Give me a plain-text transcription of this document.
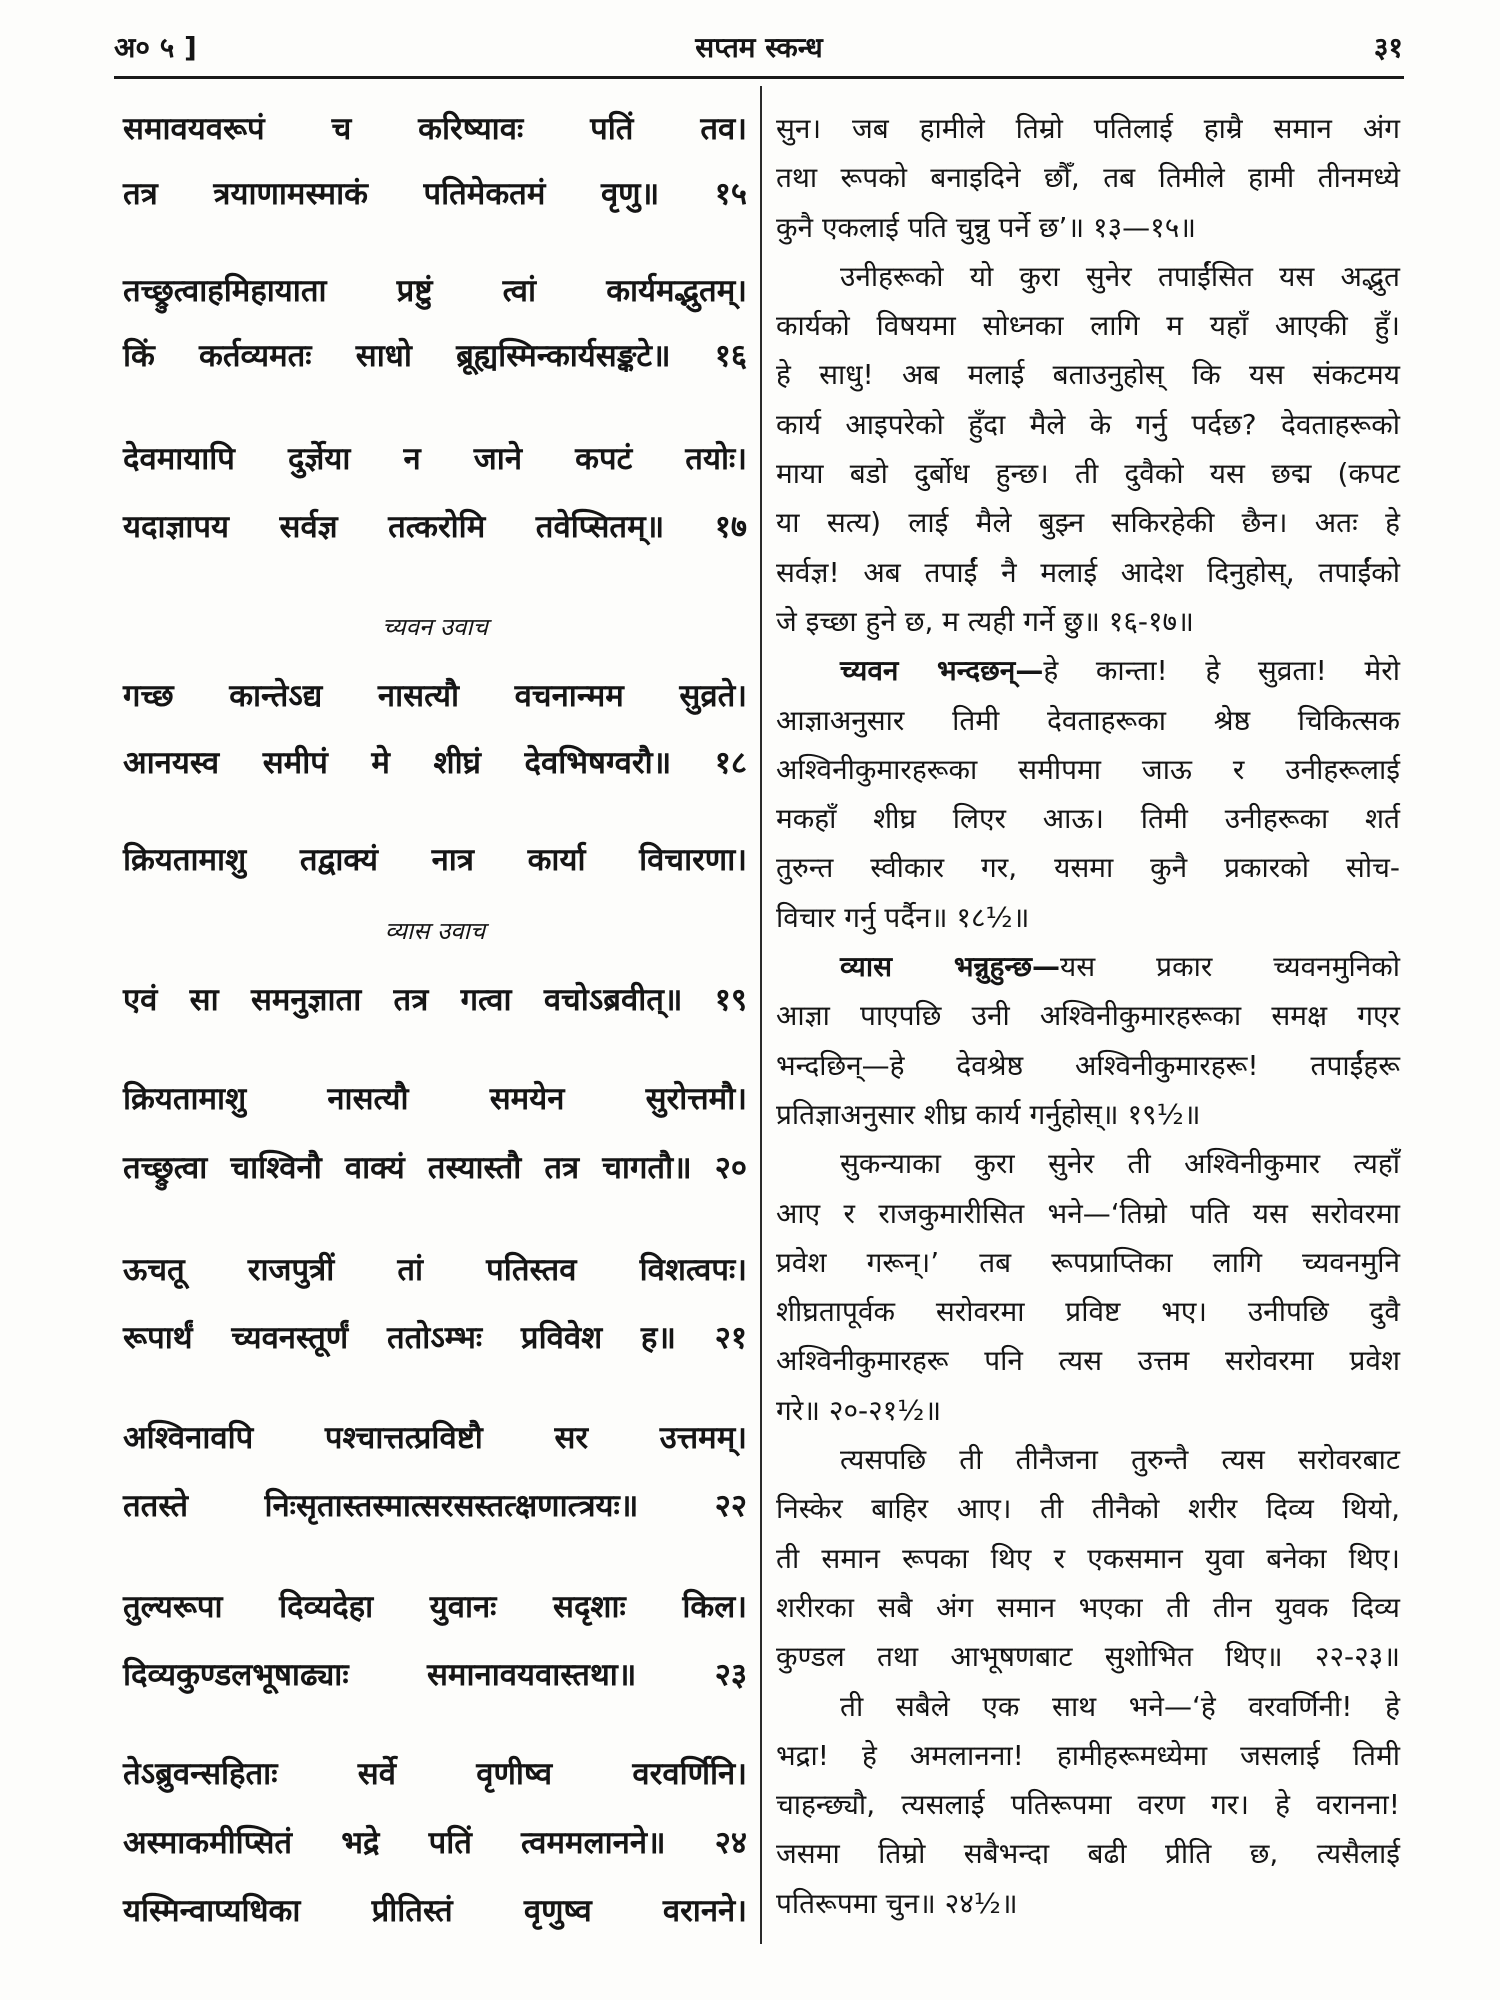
अ० ५ ]	सप्तम स्कन्ध	३१
समावयवरूपं च करिष्यावः पतिं तव।
तत्र त्रयाणामस्माकं पतिमेकतमं वृणु॥ १५
तच्छ्रुत्वाहमिहायाता प्रष्टुं त्वां कार्यमद्भुतम्।
किं कर्तव्यमतः साधो ब्रूह्यस्मिन्कार्यसङ्कटे॥ १६
देवमायापि दुर्ज्ञेया न जाने कपटं तयोः।
यदाज्ञापय सर्वज्ञ तत्करोमि तवेप्सितम्॥ १७
च्यवन उवाच
गच्छ कान्तेऽद्य नासत्यौ वचनान्मम सुव्रते।
आनयस्व समीपं मे शीघ्रं देवभिषग्वरौ॥ १८
क्रियतामाशु तद्वाक्यं नात्र कार्या विचारणा।
व्यास उवाच
एवं सा समनुज्ञाता तत्र गत्वा वचोऽब्रवीत्॥ १९
क्रियतामाशु नासत्यौ समयेन सुरोत्तमौ।
तच्छ्रुत्वा चाश्विनौ वाक्यं तस्यास्तौ तत्र चागतौ॥ २०
ऊचतू राजपुत्रीं तां पतिस्तव विशत्वपः।
रूपार्थं च्यवनस्तूर्णं ततोऽम्भः प्रविवेश ह॥ २१
अश्विनावपि पश्चात्तत्प्रविष्टौ सर उत्तमम्।
ततस्ते निःसृतास्तस्मात्सरसस्तत्क्षणात्त्रयः॥ २२
तुल्यरूपा दिव्यदेहा युवानः सदृशाः किल।
दिव्यकुण्डलभूषाढ्याः समानावयवास्तथा॥ २३
तेऽब्रुवन्सहिताः सर्वे वृणीष्व वरवर्णिनि।
अस्माकमीप्सितं भद्रे पतिं त्वममलानने॥ २४
यस्मिन्वाप्यधिका प्रीतिस्तं वृणुष्व वरानने।
सुन। जब हामीले तिम्रो पतिलाई हाम्रै समान अंग
तथा रूपको बनाइदिने छौँ, तब तिमीले हामी तीनमध्ये
कुनै एकलाई पति चुन्नु पर्ने छ’॥ १३—१५॥
उनीहरूको यो कुरा सुनेर तपाईंसित यस अद्भुत
कार्यको विषयमा सोध्नका लागि म यहाँ आएकी हुँ।
हे साधु! अब मलाई बताउनुहोस् कि यस संकटमय
कार्य आइपरेको हुँदा मैले के गर्नु पर्दछ? देवताहरूको
माया बडो दुर्बोध हुन्छ। ती दुवैको यस छद्म (कपट
या सत्य) लाई मैले बुझ्न सकिरहेकी छैन। अतः हे
सर्वज्ञ! अब तपाईं नै मलाई आदेश दिनुहोस्, तपाईंको
जे इच्छा हुने छ, म त्यही गर्ने छु॥ १६-१७॥
च्यवन भन्दछन्—हे कान्ता! हे सुव्रता! मेरो
आज्ञाअनुसार तिमी देवताहरूका श्रेष्ठ चिकित्सक
अश्विनीकुमारहरूका समीपमा जाऊ र उनीहरूलाई
मकहाँ शीघ्र लिएर आऊ। तिमी उनीहरूका शर्त
तुरुन्त स्वीकार गर, यसमा कुनै प्रकारको सोच-
विचार गर्नु पर्दैन॥ १८½॥
व्यास भन्नुहुन्छ—यस प्रकार च्यवनमुनिको
आज्ञा पाएपछि उनी अश्विनीकुमारहरूका समक्ष गएर
भन्दछिन्—हे देवश्रेष्ठ अश्विनीकुमारहरू! तपाईंहरू
प्रतिज्ञाअनुसार शीघ्र कार्य गर्नुहोस्॥ १९½॥
सुकन्याका कुरा सुनेर ती अश्विनीकुमार त्यहाँ
आए र राजकुमारीसित भने—‘तिम्रो पति यस सरोवरमा
प्रवेश गरून्।’ तब रूपप्राप्तिका लागि च्यवनमुनि
शीघ्रतापूर्वक सरोवरमा प्रविष्ट भए। उनीपछि दुवै
अश्विनीकुमारहरू पनि त्यस उत्तम सरोवरमा प्रवेश
गरे॥ २०-२१½॥
त्यसपछि ती तीनैजना तुरुन्तै त्यस सरोवरबाट
निस्केर बाहिर आए। ती तीनैको शरीर दिव्य थियो,
ती समान रूपका थिए र एकसमान युवा बनेका थिए।
शरीरका सबै अंग समान भएका ती तीन युवक दिव्य
कुण्डल तथा आभूषणबाट सुशोभित थिए॥ २२-२३॥
ती सबैले एक साथ भने—‘हे वरवर्णिनी! हे
भद्रा! हे अमलानना! हामीहरूमध्येमा जसलाई तिमी
चाहन्छ्यौ, त्यसलाई पतिरूपमा वरण गर। हे वरानना!
जसमा तिम्रो सबैभन्दा बढी प्रीति छ, त्यसैलाई
पतिरूपमा चुन॥ २४½॥
